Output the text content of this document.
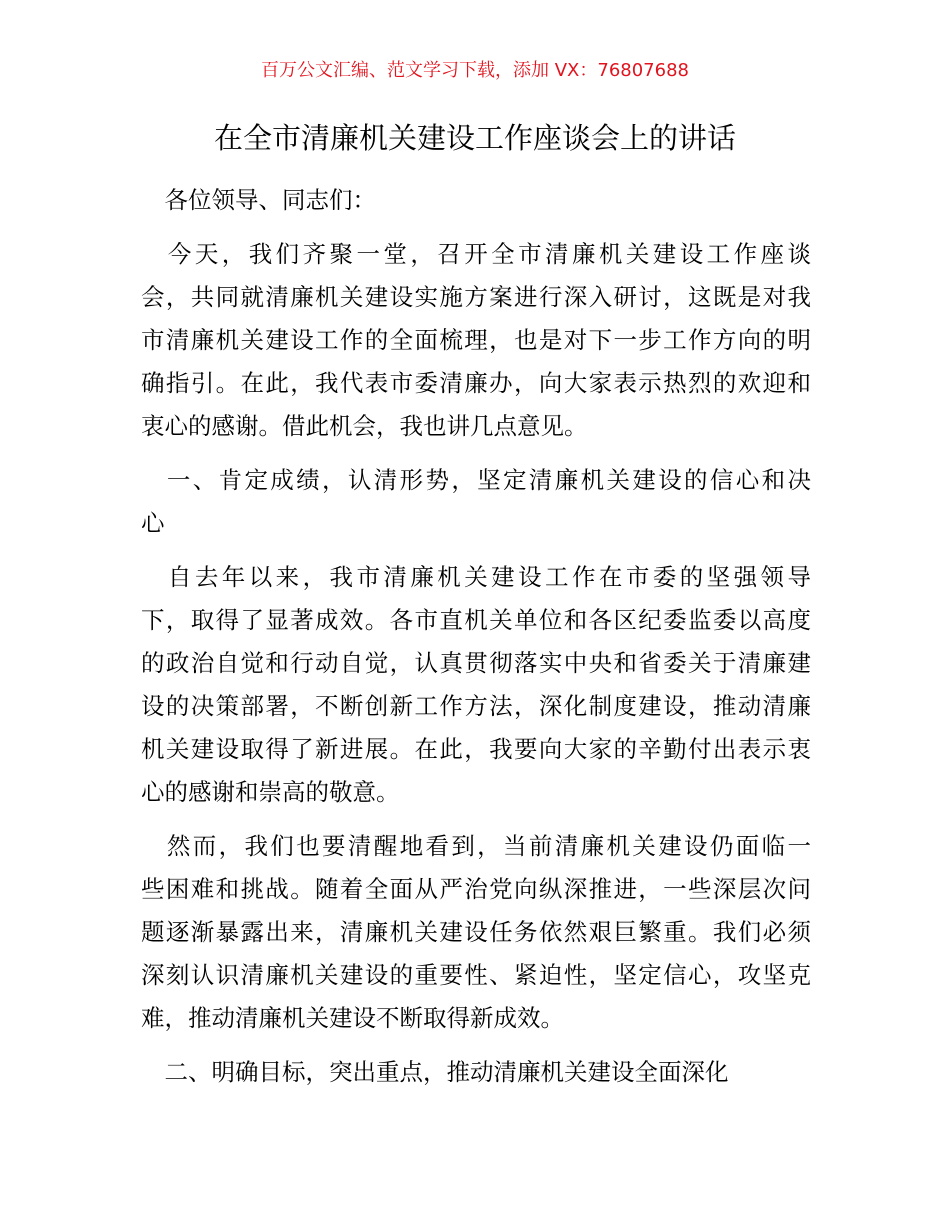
百万公文汇编、范文学习下载，添加 VX：76807688
在全市清廉机关建设工作座谈会上的讲话
　各位领导、同志们：
　今天，我们齐聚一堂，召开全市清廉机关建设工作座谈
会，共同就清廉机关建设实施方案进行深入研讨，这既是对我
市清廉机关建设工作的全面梳理，也是对下一步工作方向的明
确指引。在此，我代表市委清廉办，向大家表示热烈的欢迎和
衷心的感谢。借此机会，我也讲几点意见。
　一、肯定成绩，认清形势，坚定清廉机关建设的信心和决
心
　自去年以来，我市清廉机关建设工作在市委的坚强领导
下，取得了显著成效。各市直机关单位和各区纪委监委以高度
的政治自觉和行动自觉，认真贯彻落实中央和省委关于清廉建
设的决策部署，不断创新工作方法，深化制度建设，推动清廉
机关建设取得了新进展。在此，我要向大家的辛勤付出表示衷
心的感谢和崇高的敬意。
　然而，我们也要清醒地看到，当前清廉机关建设仍面临一
些困难和挑战。随着全面从严治党向纵深推进，一些深层次问
题逐渐暴露出来，清廉机关建设任务依然艰巨繁重。我们必须
深刻认识清廉机关建设的重要性、紧迫性，坚定信心，攻坚克
难，推动清廉机关建设不断取得新成效。
　二、明确目标，突出重点，推动清廉机关建设全面深化
